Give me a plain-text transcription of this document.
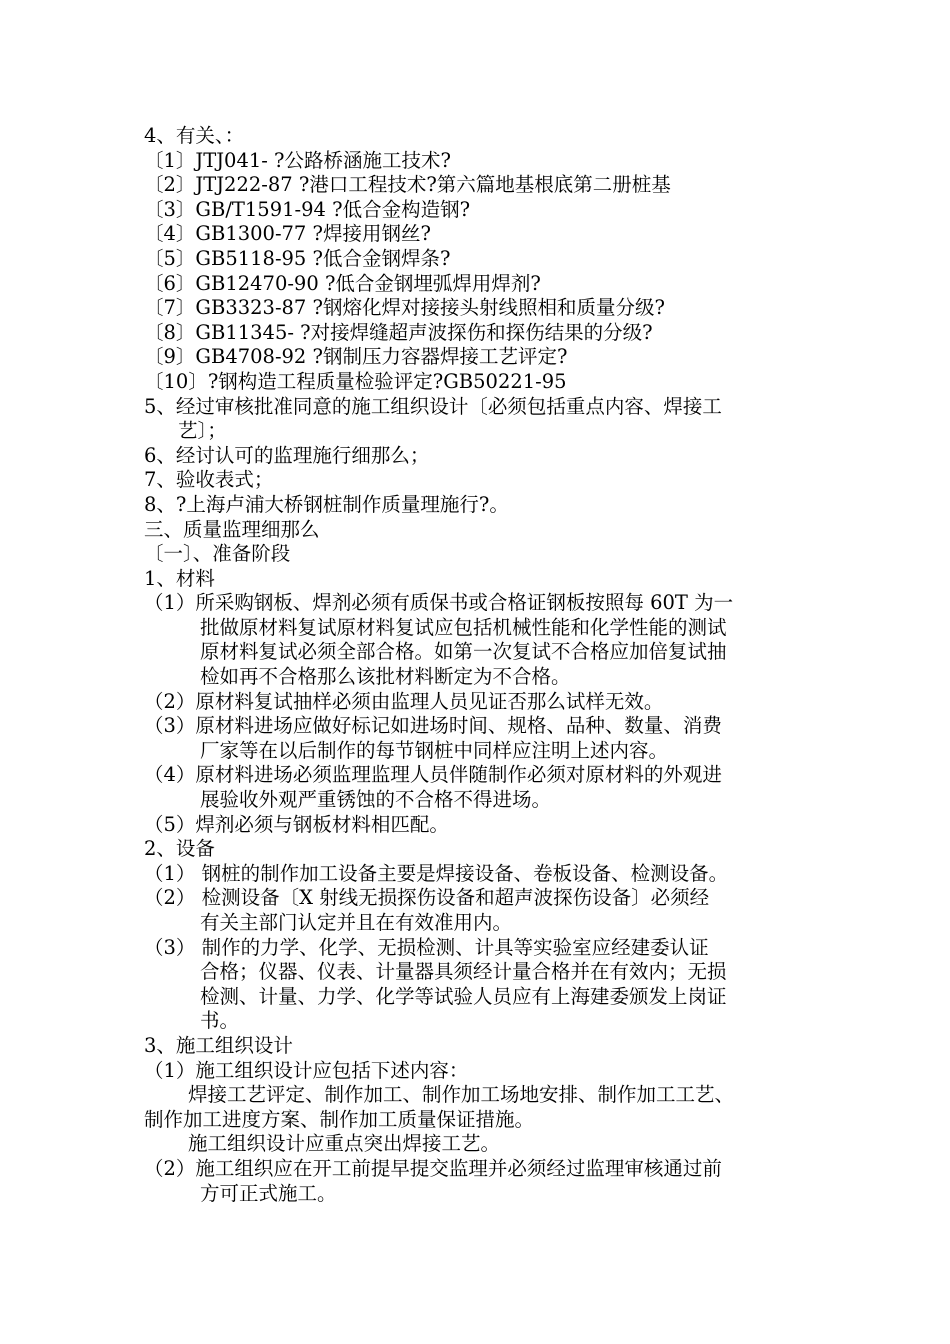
4、有关、：
〔1〕JTJ041- ?公路桥涵施工技术?
〔2〕JTJ222-87 ?港口工程技术?第六篇地基根底第二册桩基
〔3〕GB/T1591-94 ?低合金构造钢?
〔4〕GB1300-77 ?焊接用钢丝?
〔5〕GB5118-95 ?低合金钢焊条?
〔6〕GB12470-90 ?低合金钢埋弧焊用焊剂?
〔7〕GB3323-87 ?钢熔化焊对接接头射线照相和质量分级?
〔8〕GB11345- ?对接焊缝超声波探伤和探伤结果的分级?
〔9〕GB4708-92 ?钢制压力容器焊接工艺评定?
〔10〕?钢构造工程质量检验评定?GB50221-95
5、经过审核批准同意的施工组织设计〔必须包括重点内容、焊接工
艺〕；
6、经讨认可的监理施行细那么；
7、验收表式；
8、?上海卢浦大桥钢桩制作质量理施行?。
三、质量监理细那么
〔一〕、准备阶段
1、材料
（1）所采购钢板、焊剂必须有质保书或合格证钢板按照每 60T 为一
批做原材料复试原材料复试应包括机械性能和化学性能的测试
原材料复试必须全部合格。如第一次复试不合格应加倍复试抽
检如再不合格那么该批材料断定为不合格。
（2）原材料复试抽样必须由监理人员见证否那么试样无效。
（3）原材料进场应做好标记如进场时间、规格、品种、数量、消费
厂家等在以后制作的每节钢桩中同样应注明上述内容。
（4）原材料进场必须监理监理人员伴随制作必须对原材料的外观进
展验收外观严重锈蚀的不合格不得进场。
（5）焊剂必须与钢板材料相匹配。
2、设备
（1） 钢桩的制作加工设备主要是焊接设备、卷板设备、检测设备。
（2） 检测设备〔X 射线无损探伤设备和超声波探伤设备〕必须经
有关主部门认定并且在有效准用内。
（3） 制作的力学、化学、无损检测、计具等实验室应经建委认证
合格；仪器、仪表、计量器具须经计量合格并在有效内；无损
检测、计量、力学、化学等试验人员应有上海建委颁发上岗证
书。
3、施工组织设计
（1）施工组织设计应包括下述内容：
焊接工艺评定、制作加工、制作加工场地安排、制作加工工艺、
制作加工进度方案、制作加工质量保证措施。
施工组织设计应重点突出焊接工艺。
（2）施工组织应在开工前提早提交监理并必须经过监理审核通过前
方可正式施工。
